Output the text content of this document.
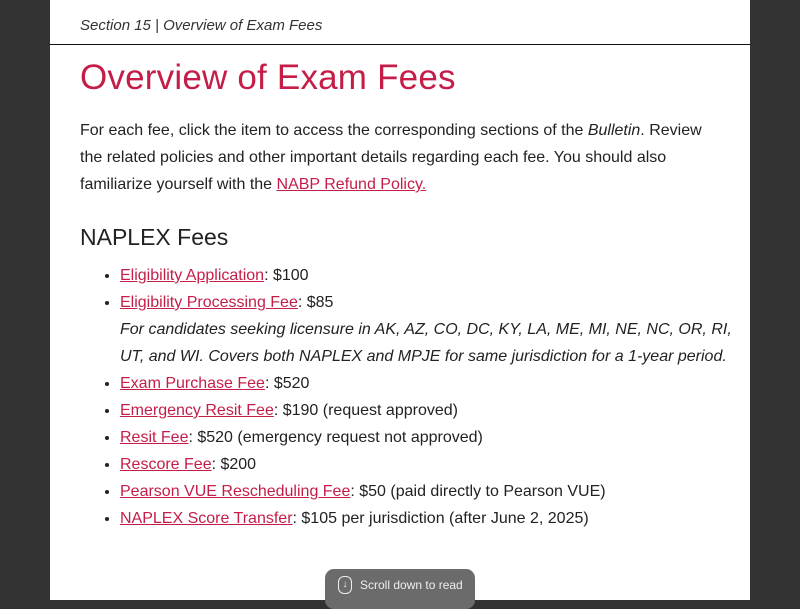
Section 15 | Overview of Exam Fees
Overview of Exam Fees

For each fee, click the item to access the corresponding sections of the Bulletin. Review the related policies and other important details regarding each fee. You should also familiarize yourself with the NABP Refund Policy.

NAPLEX Fees
• Eligibility Application: $100
• Eligibility Processing Fee: $85
For candidates seeking licensure in AK, AZ, CO, DC, KY, LA, ME, MI, NE, NC, OR, RI, UT, and WI. Covers both NAPLEX and MPJE for same jurisdiction for a 1-year period.
• Exam Purchase Fee: $520
• Emergency Resit Fee: $190 (request approved)
• Resit Fee: $520 (emergency request not approved)
• Rescore Fee: $200
• Pearson VUE Rescheduling Fee: $50 (paid directly to Pearson VUE)
• NAPLEX Score Transfer: $105 per jurisdiction (after June 2, 2025)
↓	Scroll down to read
